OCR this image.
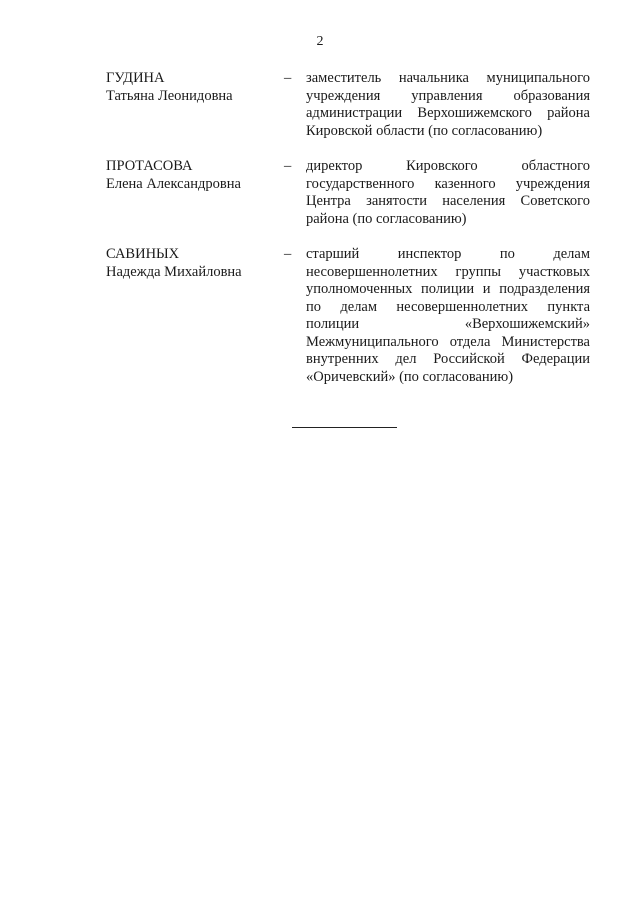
2
ГУДИНА
Татьяна Леонидовна
–	заместитель начальника муниципального учреждения управления образования администрации Верхошижемского района Кировской области (по согласованию)
ПРОТАСОВА
Елена Александровна
–	директор Кировского областного государственного казенного учреждения Центра занятости населения Советского района (по согласованию)
САВИНЫХ
Надежда Михайловна
–	старший инспектор по делам несовершеннолетних группы участковых уполномоченных полиции и подразделения по делам несовершеннолетних пункта полиции «Верхошижемский» Межмуниципального отдела Министерства внутренних дел Российской Федерации «Оричевский» (по согласованию)
